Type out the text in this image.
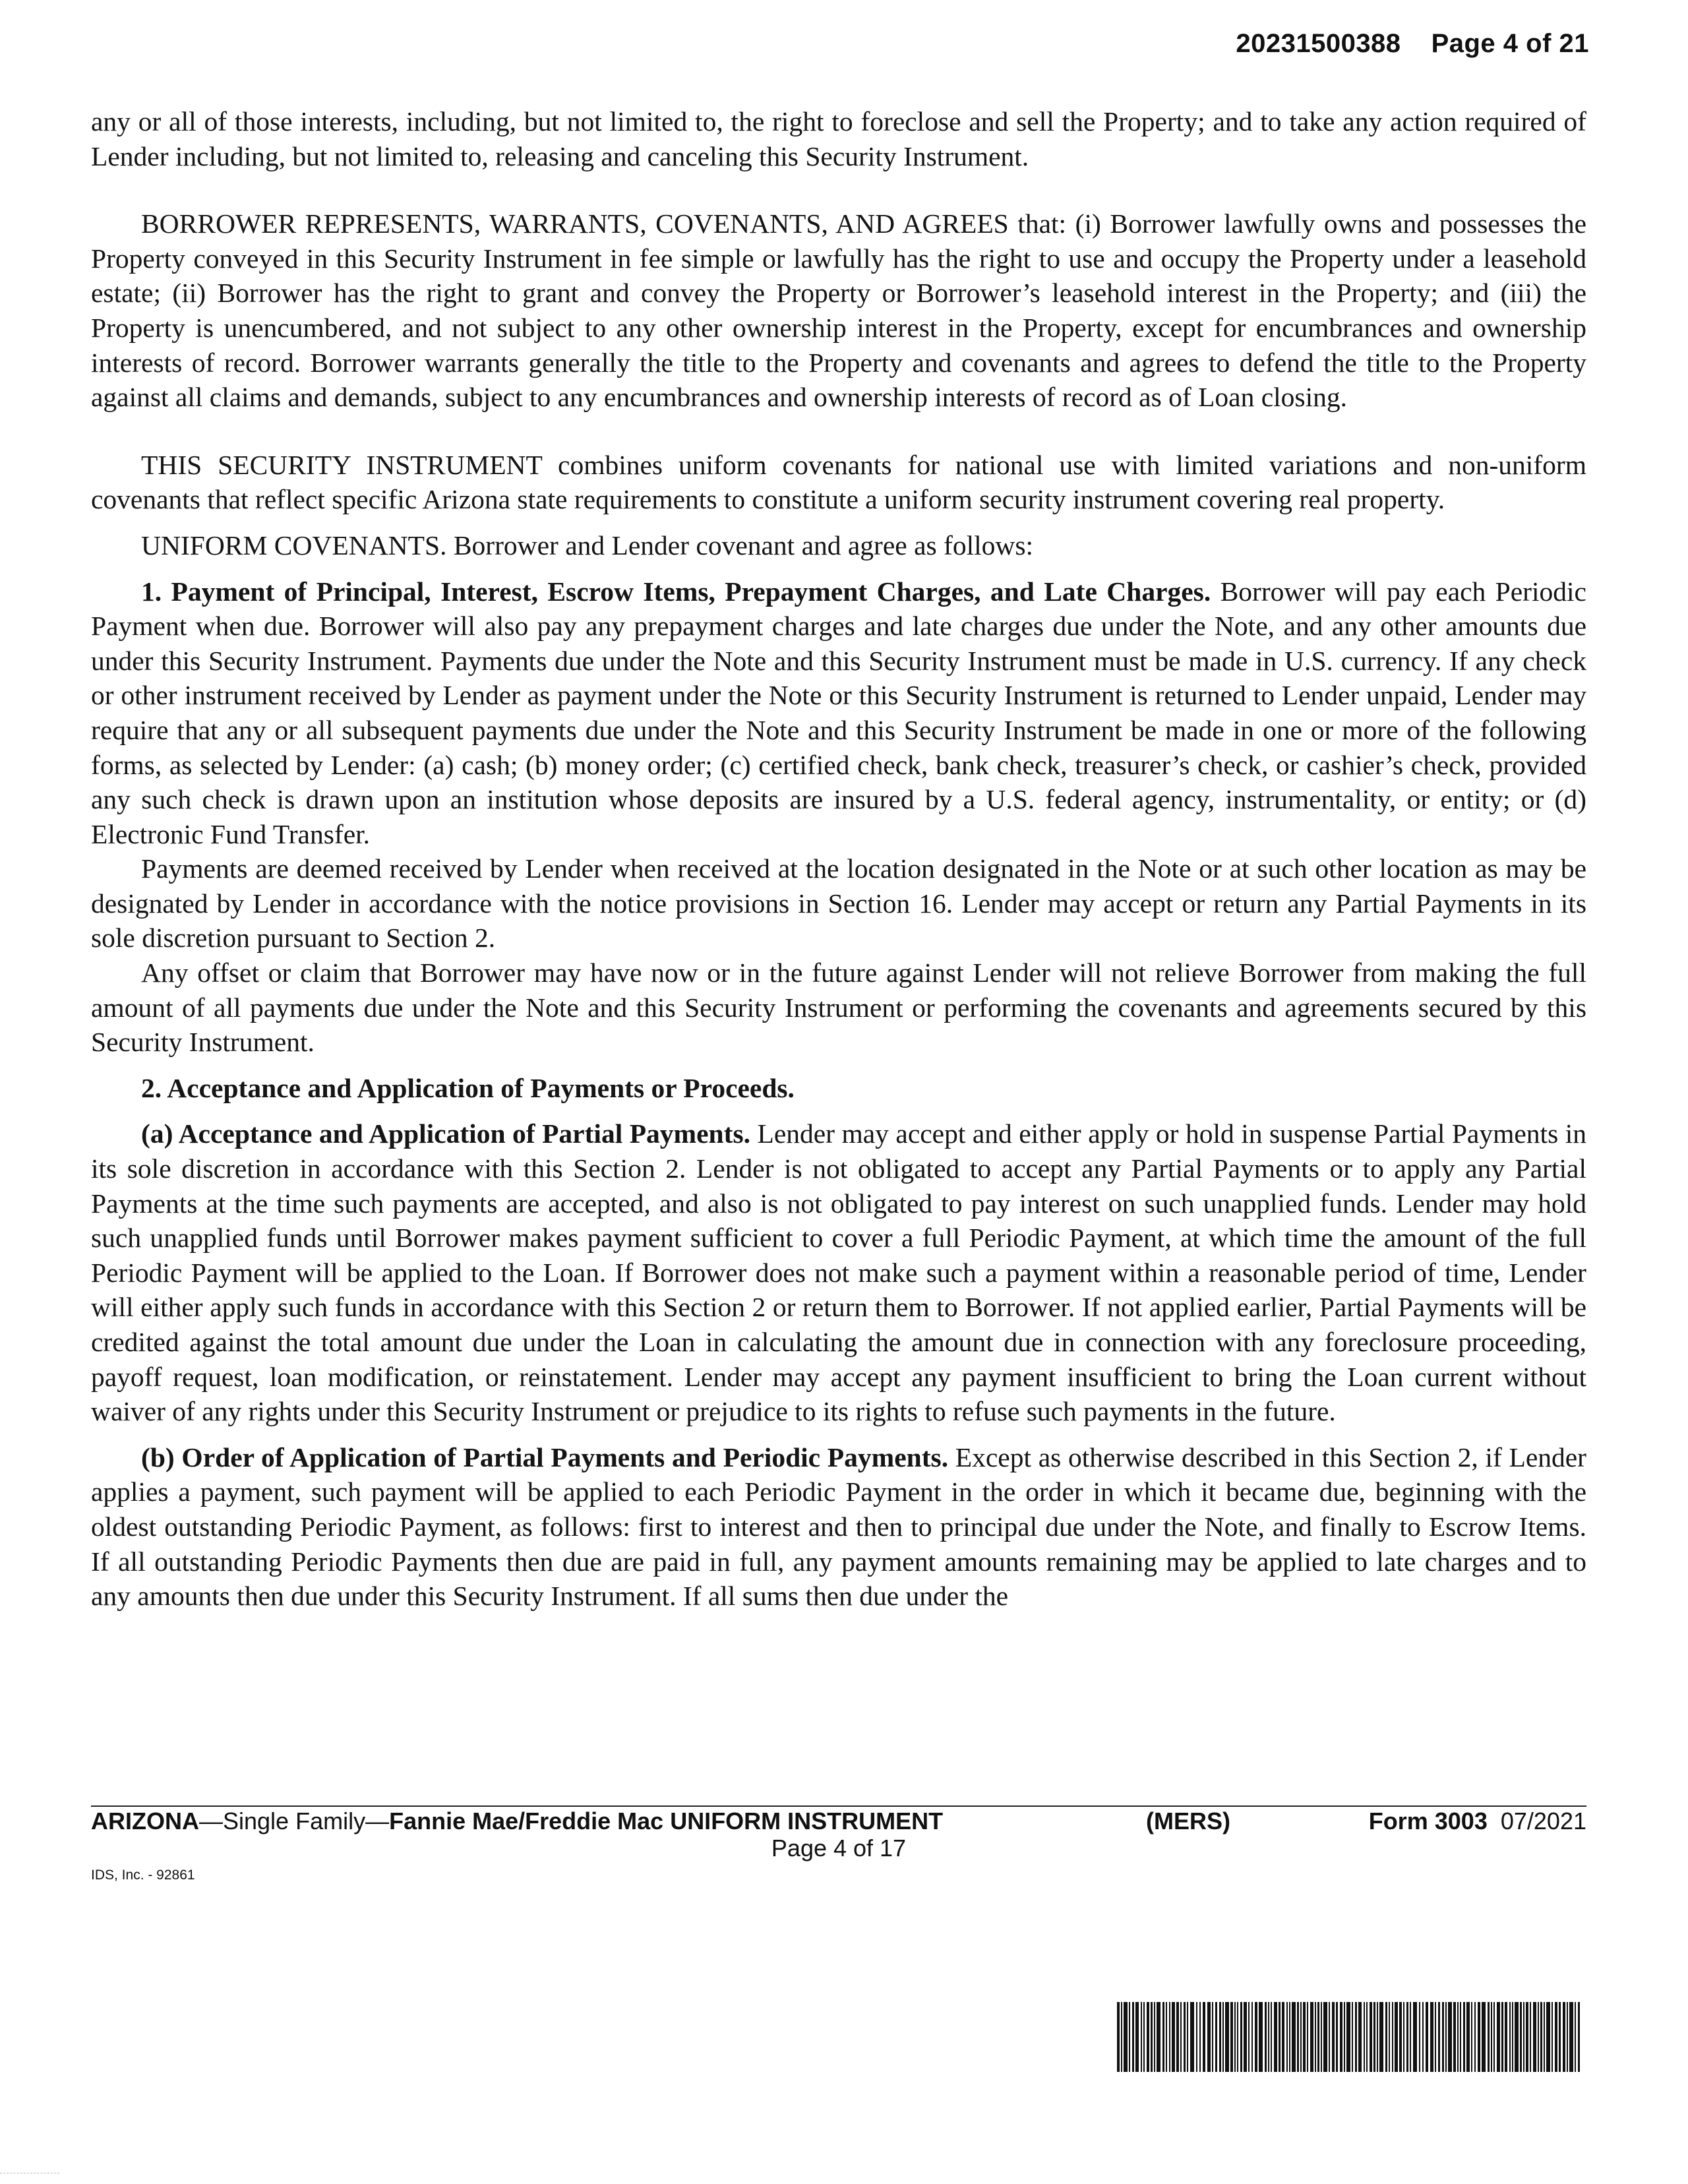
20231500388 Page 4 of 21

any or all of those interests, including, but not limited to, the right to foreclose and sell the Property; and to take any action required of Lender including, but not limited to, releasing and canceling this Security Instrument.

BORROWER REPRESENTS, WARRANTS, COVENANTS, AND AGREES that: (i) Borrower lawfully owns and possesses the Property conveyed in this Security Instrument in fee simple or lawfully has the right to use and occupy the Property under a leasehold estate; (ii) Borrower has the right to grant and convey the Property or Borrower’s leasehold interest in the Property; and (iii) the Property is unencumbered, and not subject to any other ownership interest in the Property, except for encumbrances and ownership interests of record. Borrower warrants generally the title to the Property and covenants and agrees to defend the title to the Property against all claims and demands, subject to any encumbrances and ownership interests of record as of Loan closing.

THIS SECURITY INSTRUMENT combines uniform covenants for national use with limited variations and non-uniform covenants that reflect specific Arizona state requirements to constitute a uniform security instrument covering real property.

UNIFORM COVENANTS. Borrower and Lender covenant and agree as follows:

1. Payment of Principal, Interest, Escrow Items, Prepayment Charges, and Late Charges. Borrower will pay each Periodic Payment when due. Borrower will also pay any prepayment charges and late charges due under the Note, and any other amounts due under this Security Instrument. Payments due under the Note and this Security Instrument must be made in U.S. currency. If any check or other instrument received by Lender as payment under the Note or this Security Instrument is returned to Lender unpaid, Lender may require that any or all subsequent payments due under the Note and this Security Instrument be made in one or more of the following forms, as selected by Lender: (a) cash; (b) money order; (c) certified check, bank check, treasurer’s check, or cashier’s check, provided any such check is drawn upon an institution whose deposits are insured by a U.S. federal agency, instrumentality, or entity; or (d) Electronic Fund Transfer.

Payments are deemed received by Lender when received at the location designated in the Note or at such other location as may be designated by Lender in accordance with the notice provisions in Section 16. Lender may accept or return any Partial Payments in its sole discretion pursuant to Section 2.

Any offset or claim that Borrower may have now or in the future against Lender will not relieve Borrower from making the full amount of all payments due under the Note and this Security Instrument or performing the covenants and agreements secured by this Security Instrument.

2. Acceptance and Application of Payments or Proceeds.

(a) Acceptance and Application of Partial Payments. Lender may accept and either apply or hold in suspense Partial Payments in its sole discretion in accordance with this Section 2. Lender is not obligated to accept any Partial Payments or to apply any Partial Payments at the time such payments are accepted, and also is not obligated to pay interest on such unapplied funds. Lender may hold such unapplied funds until Borrower makes payment sufficient to cover a full Periodic Payment, at which time the amount of the full Periodic Payment will be applied to the Loan. If Borrower does not make such a payment within a reasonable period of time, Lender will either apply such funds in accordance with this Section 2 or return them to Borrower. If not applied earlier, Partial Payments will be credited against the total amount due under the Loan in calculating the amount due in connection with any foreclosure proceeding, payoff request, loan modification, or reinstatement. Lender may accept any payment insufficient to bring the Loan current without waiver of any rights under this Security Instrument or prejudice to its rights to refuse such payments in the future.

(b) Order of Application of Partial Payments and Periodic Payments. Except as otherwise described in this Section 2, if Lender applies a payment, such payment will be applied to each Periodic Payment in the order in which it became due, beginning with the oldest outstanding Periodic Payment, as follows: first to interest and then to principal due under the Note, and finally to Escrow Items. If all outstanding Periodic Payments then due are paid in full, any payment amounts remaining may be applied to late charges and to any amounts then due under this Security Instrument. If all sums then due under the

ARIZONA—Single Family—Fannie Mae/Freddie Mac UNIFORM INSTRUMENT	(MERS)	Form 3003 07/2021
Page 4 of 17
IDS, Inc. - 92861
